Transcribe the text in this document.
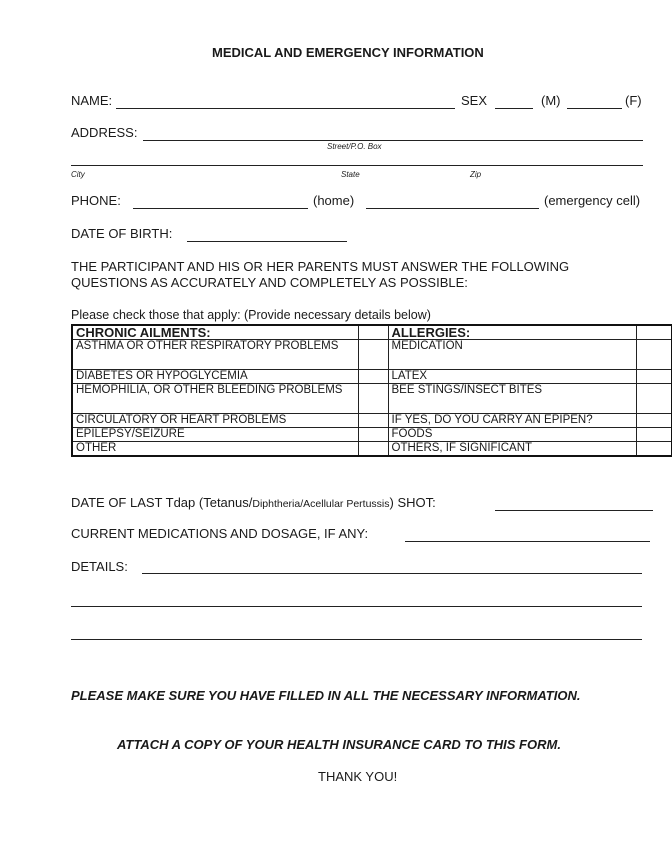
MEDICAL AND EMERGENCY INFORMATION
NAME:	SEX	(M)	(F)
ADDRESS:
Street/P.O. Box
City	State	Zip
PHONE:	(home)	(emergency cell)
DATE OF BIRTH:
THE PARTICIPANT AND HIS OR HER PARENTS MUST ANSWER THE FOLLOWING
QUESTIONS AS ACCURATELY AND COMPLETELY AS POSSIBLE:
Please check those that apply: (Provide necessary details below)
CHRONIC AILMENTS:		ALLERGIES:	
ASTHMA OR OTHER RESPIRATORY PROBLEMS		MEDICATION	
DIABETES OR HYPOGLYCEMIA		LATEX	
HEMOPHILIA, OR OTHER BLEEDING PROBLEMS		BEE STINGS/INSECT BITES	
CIRCULATORY OR HEART PROBLEMS		IF YES, DO YOU CARRY AN EPIPEN?	
EPILEPSY/SEIZURE		FOODS	
OTHER		OTHERS, IF SIGNIFICANT	
DATE OF LAST Tdap (Tetanus/Diphtheria/Acellular Pertussis) SHOT:
CURRENT MEDICATIONS AND DOSAGE, IF ANY:
DETAILS:
PLEASE MAKE SURE YOU HAVE FILLED IN ALL THE NECESSARY INFORMATION.
ATTACH A COPY OF YOUR HEALTH INSURANCE CARD TO THIS FORM.
THANK YOU!
